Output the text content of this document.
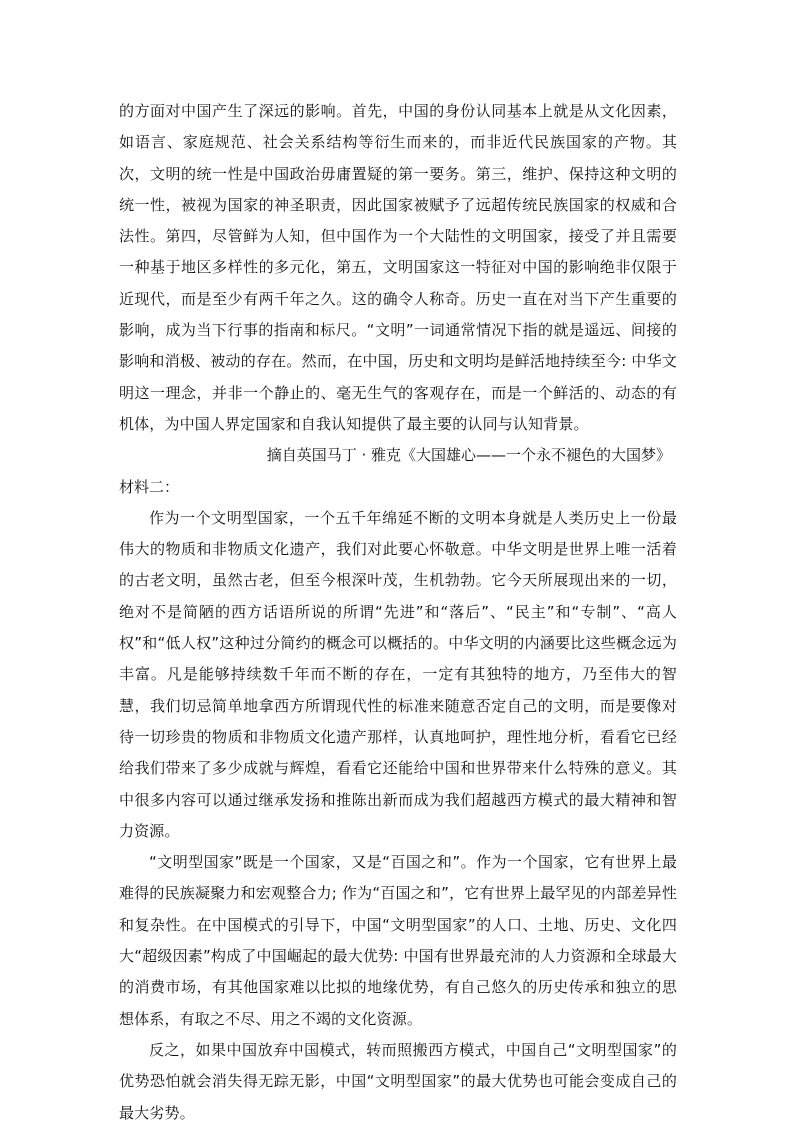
的方面对中国产生了深远的影响。首先，中国的身份认同基本上就是从文化因素，如语言、家庭规范、社会关系结构等衍生而来的，而非近代民族国家的产物。其次，文明的统一性是中国政治毋庸置疑的第一要务。第三，维护、保持这种文明的统一性，被视为国家的神圣职责，因此国家被赋予了远超传统民族国家的权威和合法性。第四，尽管鲜为人知，但中国作为一个大陆性的文明国家，接受了并且需要一种基于地区多样性的多元化，第五，文明国家这一特征对中国的影响绝非仅限于近现代，而是至少有两千年之久。这的确令人称奇。历史一直在对当下产生重要的影响，成为当下行事的指南和标尺。“文明”一词通常情况下指的就是遥远、间接的影响和消极、被动的存在。然而，在中国，历史和文明均是鲜活地持续至今: 中华文明这一理念，并非一个静止的、毫无生气的客观存在，而是一个鲜活的、动态的有机体，为中国人界定国家和自我认知提供了最主要的认同与认知背景。

摘自英国马丁 · 雅克《大国雄心——一个永不褪色的大国梦》

材料二：

作为一个文明型国家，一个五千年绵延不断的文明本身就是人类历史上一份最伟大的物质和非物质文化遗产，我们对此要心怀敬意。中华文明是世界上唯一活着的古老文明，虽然古老，但至今根深叶茂，生机勃勃。它今天所展现出来的一切，绝对不是简陋的西方话语所说的所谓“先进”和“落后”、“民主”和“专制”、“高人权”和“低人权”这种过分简约的概念可以概括的。中华文明的内涵要比这些概念远为丰富。凡是能够持续数千年而不断的存在，一定有其独特的地方，乃至伟大的智慧，我们切忌简单地拿西方所谓现代性的标准来随意否定自己的文明，而是要像对待一切珍贵的物质和非物质文化遗产那样，认真地呵护，理性地分析，看看它已经给我们带来了多少成就与辉煌，看看它还能给中国和世界带来什么特殊的意义。其中很多内容可以通过继承发扬和推陈出新而成为我们超越西方模式的最大精神和智力资源。

“文明型国家”既是一个国家，又是“百国之和”。作为一个国家，它有世界上最难得的民族凝聚力和宏观整合力; 作为“百国之和”，它有世界上最罕见的内部差异性和复杂性。在中国模式的引导下，中国“文明型国家”的人口、土地、历史、文化四大“超级因素”构成了中国崛起的最大优势: 中国有世界最充沛的人力资源和全球最大的消费市场，有其他国家难以比拟的地缘优势，有自己悠久的历史传承和独立的思想体系，有取之不尽、用之不竭的文化资源。

反之，如果中国放弃中国模式，转而照搬西方模式，中国自己“文明型国家”的优势恐怕就会消失得无踪无影，中国“文明型国家”的最大优势也可能会变成自己的最大劣势。
